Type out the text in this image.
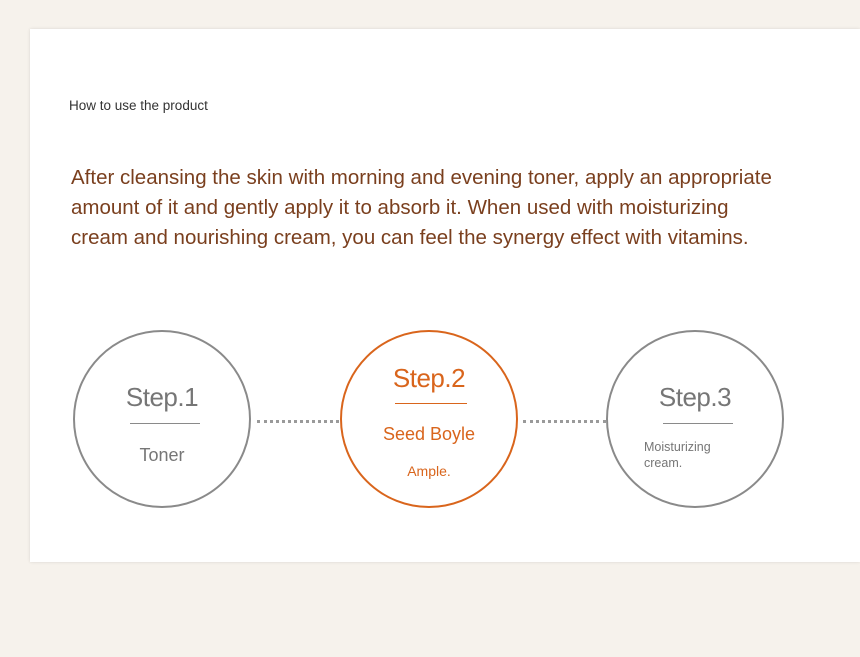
How to use the product
After cleansing the skin with morning and evening toner, apply an appropriate amount of it and gently apply it to absorb it. When used with moisturizing cream and nourishing cream, you can feel the synergy effect with vitamins.
Step.1
Toner
Step.2
Seed Boyle
Ample.
Step.3
Moisturizing cream.
